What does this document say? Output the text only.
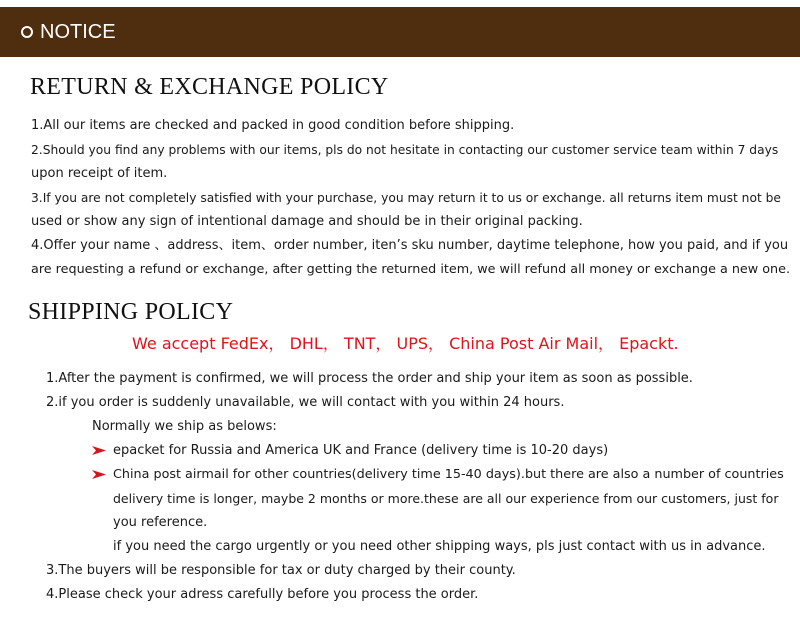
NOTICE
RETURN & EXCHANGE POLICY
1.All our items are checked and packed in good condition before shipping.
2.Should you find any problems with our items, pls do not hesitate in contacting our customer service team within 7 days
upon receipt of item.
3.If you are not completely satisfied with your purchase, you may return it to us or exchange. all returns item must not be
used or show any sign of intentional damage and should be in their original packing.
4.Offer your name 、address、item、order number, iten’s sku number, daytime telephone, how you paid, and if you
are requesting a refund or exchange, after getting the returned item, we will refund all money or exchange a new one.
SHIPPING POLICY
We accept FedEx， DHL， TNT， UPS， China Post Air Mail， Epackt.
1.After the payment is confirmed, we will process the order and ship your item as soon as possible.
2.if you order is suddenly unavailable, we will contact with you within 24 hours.
Normally we ship as belows:
epacket for Russia and America UK and France (delivery time is 10-20 days)
China post airmail for other countries(delivery time 15-40 days).but there are also a number of countries
delivery time is longer, maybe 2 months or more.these are all our experience from our customers, just for
you reference.
if you need the cargo urgently or you need other shipping ways, pls just contact with us in advance.
3.The buyers will be responsible for tax or duty charged by their county.
4.Please check your adress carefully before you process the order.
